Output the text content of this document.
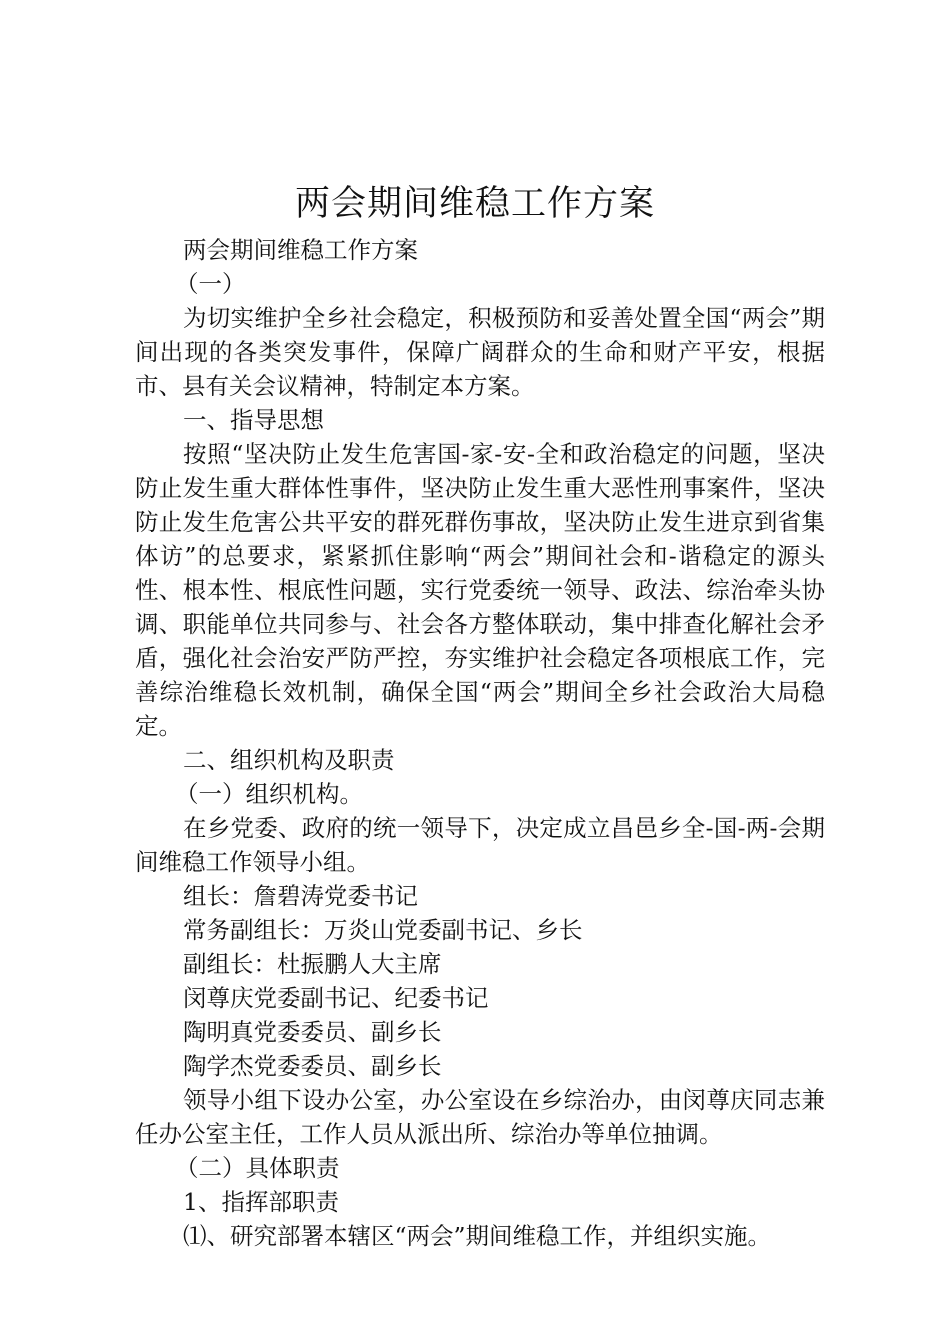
两会期间维稳工作方案

两会期间维稳工作方案

（一）

为切实维护全乡社会稳定，积极预防和妥善处置全国“两会”期间出现的各类突发事件，保障广阔群众的生命和财产平安，根据市、县有关会议精神，特制定本方案。

一、指导思想

按照“坚决防止发生危害国-家-安-全和政治稳定的问题，坚决防止发生重大群体性事件，坚决防止发生重大恶性刑事案件，坚决防止发生危害公共平安的群死群伤事故，坚决防止发生进京到省集体访”的总要求，紧紧抓住影响“两会”期间社会和-谐稳定的源头性、根本性、根底性问题，实行党委统一领导、政法、综治牵头协调、职能单位共同参与、社会各方整体联动，集中排查化解社会矛盾，强化社会治安严防严控，夯实维护社会稳定各项根底工作，完善综治维稳长效机制，确保全国“两会”期间全乡社会政治大局稳定。

二、组织机构及职责

（一）组织机构。

在乡党委、政府的统一领导下，决定成立昌邑乡全-国-两-会期间维稳工作领导小组。

组长：詹碧涛党委书记

常务副组长：万炎山党委副书记、乡长

副组长：杜振鹏人大主席

闵尊庆党委副书记、纪委书记

陶明真党委委员、副乡长

陶学杰党委委员、副乡长

领导小组下设办公室，办公室设在乡综治办，由闵尊庆同志兼任办公室主任，工作人员从派出所、综治办等单位抽调。

（二）具体职责

1、指挥部职责

⑴、研究部署本辖区“两会”期间维稳工作，并组织实施。
